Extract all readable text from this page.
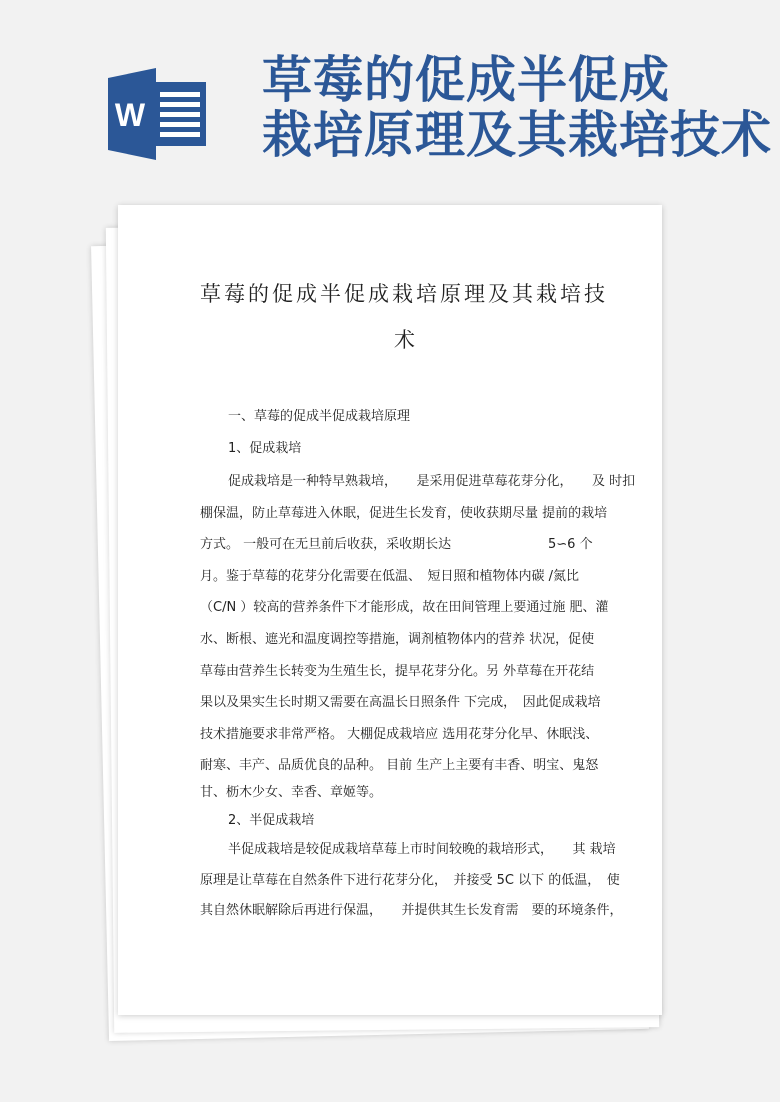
W
草莓的促成半促成
栽培原理及其栽培技术
草莓的促成半促成栽培原理及其栽培技
术
一、草莓的促成半促成栽培原理
1、促成栽培
促成栽培是一种特早熟栽培，　　是采用促进草莓花芽分化，　　及 时扣
棚保温，防止草莓进入休眠，促进生长发育，使收获期尽量 提前的栽培
方式。 一般可在无旦前后收获，采收期长达	5∽6 个
月。鉴于草莓的花芽分化需要在低温、　短日照和植物体内碳 /氮比
（C/N ）较高的营养条件下才能形成，故在田间管理上要通过施 肥、灌
水、断根、遮光和温度调控等措施，调剂植物体内的营养 状况，促使
草莓由营养生长转变为生殖生长，提早花芽分化。另 外草莓在开花结
果以及果实生长时期又需要在高温长日照条件 下完成，　因此促成栽培
技术措施要求非常严格。 大棚促成栽培应 选用花芽分化早、休眠浅、
耐寒、丰产、品质优良的品种。 目前 生产上主要有丰香、明宝、鬼怒
甘、枥木少女、幸香、章姬等。
2、半促成栽培
半促成栽培是较促成栽培草莓上市时间较晚的栽培形式，　　其 栽培
原理是让草莓在自然条件下进行花芽分化，　并接受 5C 以下 的低温，　使
其自然休眠解除后再进行保温，　　并提供其生长发育需　要的环境条件，
